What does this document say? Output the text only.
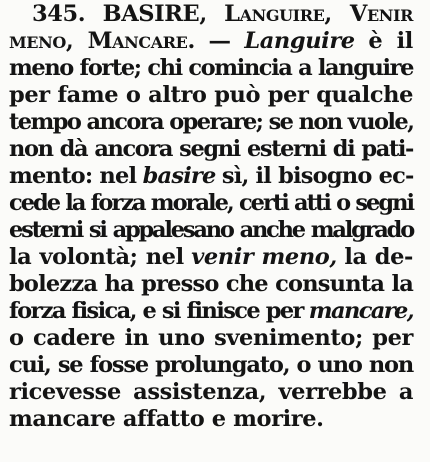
345. BASIRE, Languire, Venir
meno, Mancare. — Languire è il
meno forte; chi comincia a languire
per fame o altro può per qualche
tempo ancora operare; se non vuole,
non dà ancora segni esterni di pati-
mento: nel basire sì, il bisogno ec-
cede la forza morale, certi atti o segni
esterni si appalesano anche malgrado
la volontà; nel venir meno, la de-
bolezza ha presso che consunta la
forza fisica, e si finisce per mancare,
o cadere in uno svenimento; per
cui, se fosse prolungato, o uno non
ricevesse assistenza, verrebbe a
mancare affatto e morire.
